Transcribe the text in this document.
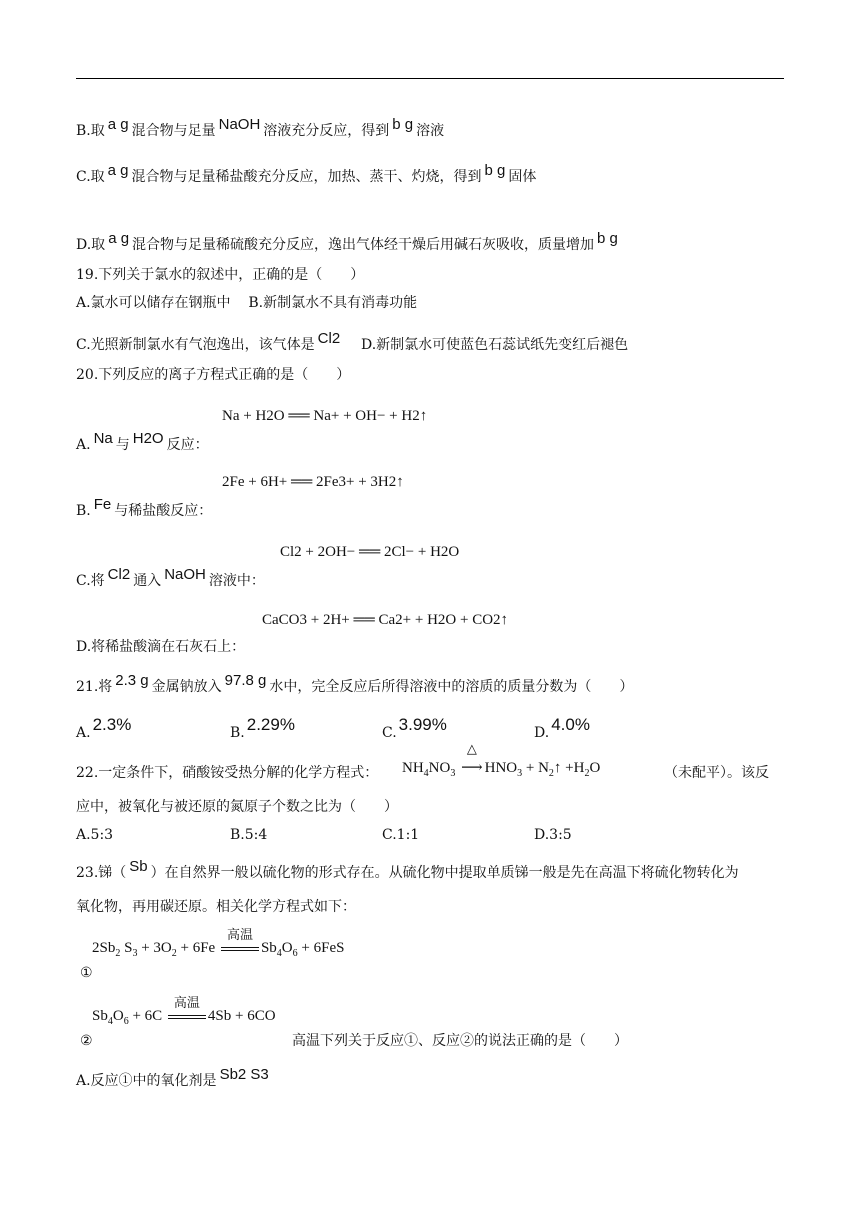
B.取 a g 混合物与足量 NaOH 溶液充分反应，得到 b g 溶液
C.取 a g 混合物与足量稀盐酸充分反应，加热、蒸干、灼烧，得到 b g 固体
D.取 a g 混合物与足量稀硫酸充分反应，逸出气体经干燥后用碱石灰吸收，质量增加 b g
19.下列关于氯水的叙述中，正确的是（　　）
A.氯水可以储存在钢瓶中 B.新制氯水不具有消毒功能
C.光照新制氯水有气泡逸出，该气体是 Cl2 D.新制氯水可使蓝色石蕊试纸先变红后褪色
20.下列反应的离子方程式正确的是（　　）
Na + H2O ══ Na+ + OH− + H2↑
A. Na 与 H2O 反应：
2Fe + 6H+ ══ 2Fe3+ + 3H2↑
B. Fe 与稀盐酸反应：
Cl2 + 2OH− ══ 2Cl− + H2O
C.将 Cl2 通入 NaOH 溶液中：
CaCO3 + 2H+ ══ Ca2+ + H2O + CO2↑
D.将稀盐酸滴在石灰石上：
21.将 2.3 g 金属钠放入 97.8 g 水中，完全反应后所得溶液中的溶质的质量分数为（　　）
A. 2.3%	B. 2.29%	C. 3.99%	D. 4.0%
22.一定条件下，硝酸铵受热分解的化学方程式： $NH_4NO_3$
△
⟶ $HNO_3$ + $N_2↑ +H_2O$	（未配平）。该反
应中，被氧化与被还原的氮原子个数之比为（　　）
A.5:3	B.5:4	C.1:1	D.3:5
23.锑（ Sb ）在自然界一般以硫化物的形式存在。从硫化物中提取单质锑一般是先在高温下将硫化物转化为
氧化物，再用碳还原。相关化学方程式如下：
$2Sb_2$ $S_3 + 3O_2 + 6Fe$
高温
$Sb_4O_6 + 6FeS$
①
$Sb_4O_6 + 6C$
高温
4Sb + 6CO
②	高温下列关于反应①、反应②的说法正确的是（　　）
A.反应①中的氧化剂是 Sb2 S3
